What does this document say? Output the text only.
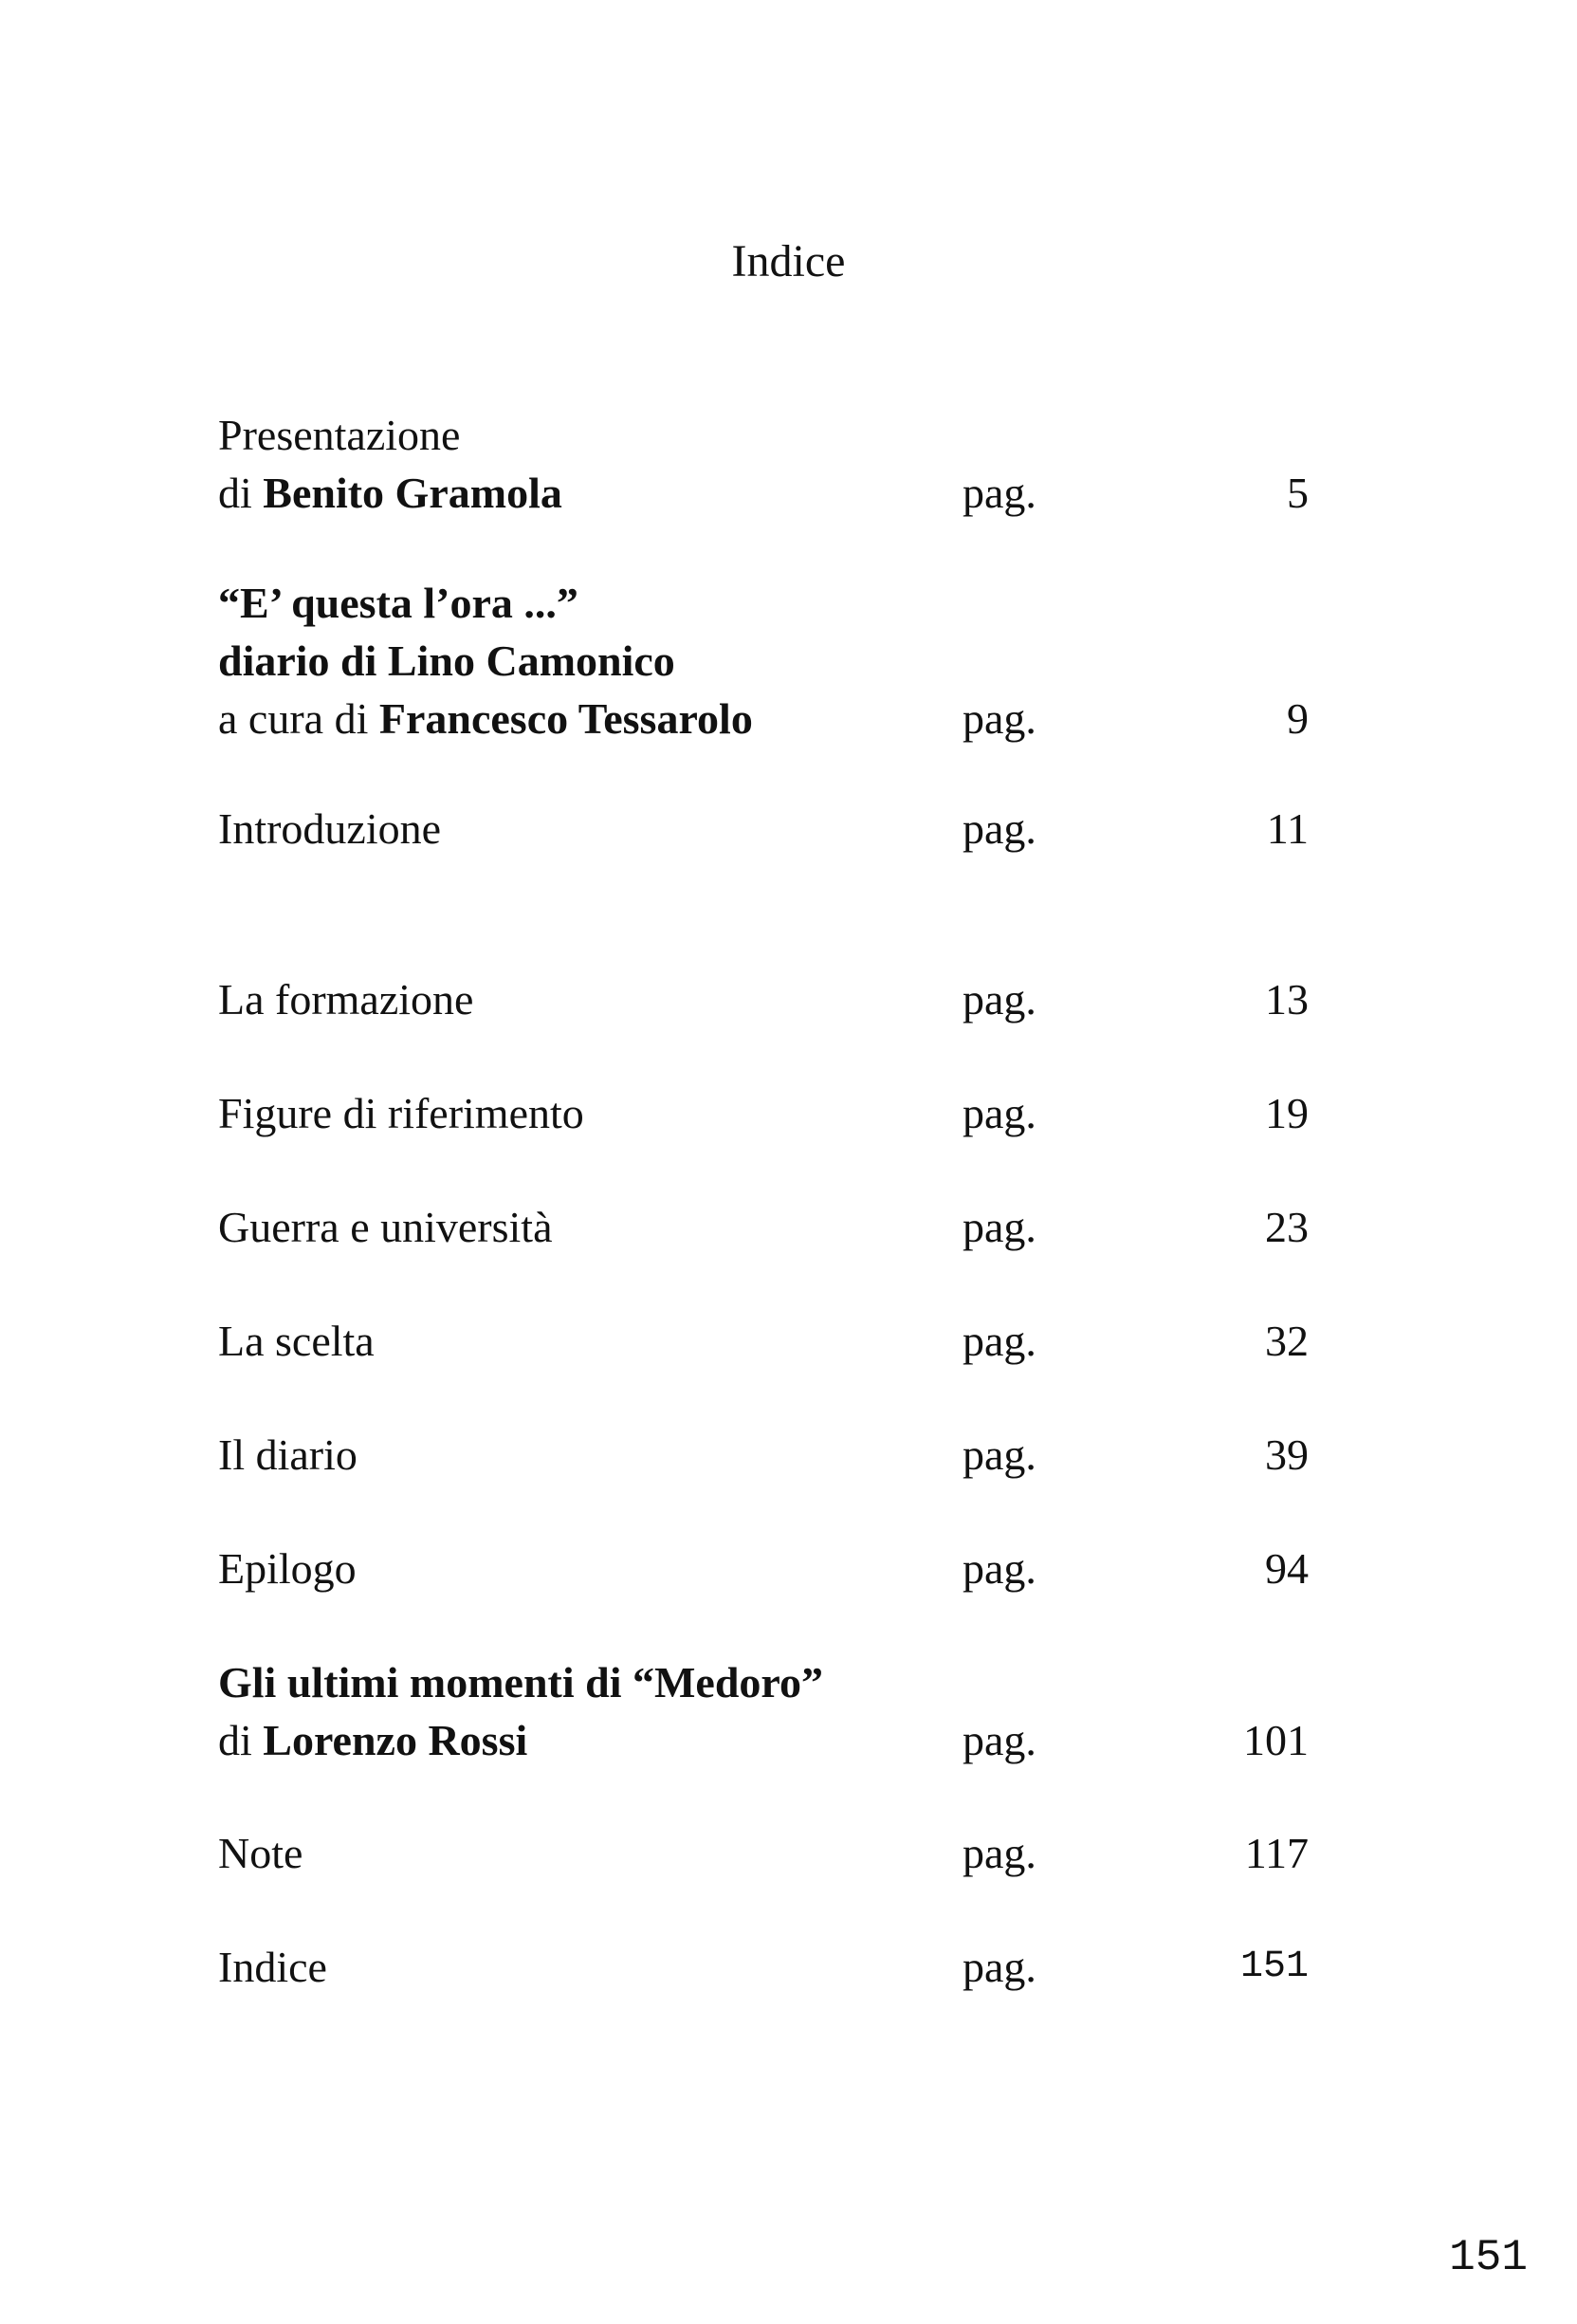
Indice
Presentazione
di Benito Gramola	pag.	5
“E’ questa l’ora ...”
diario di Lino Camonico
a cura di Francesco Tessarolo	pag.	9
Introduzione	pag.	11
La formazione	pag.	13
Figure di riferimento	pag.	19
Guerra e università	pag.	23
La scelta	pag.	32
Il diario	pag.	39
Epilogo	pag.	94
Gli ultimi momenti di “Medoro”
di Lorenzo Rossi	pag.	101
Note	pag.	117
Indice	pag.	151
151
